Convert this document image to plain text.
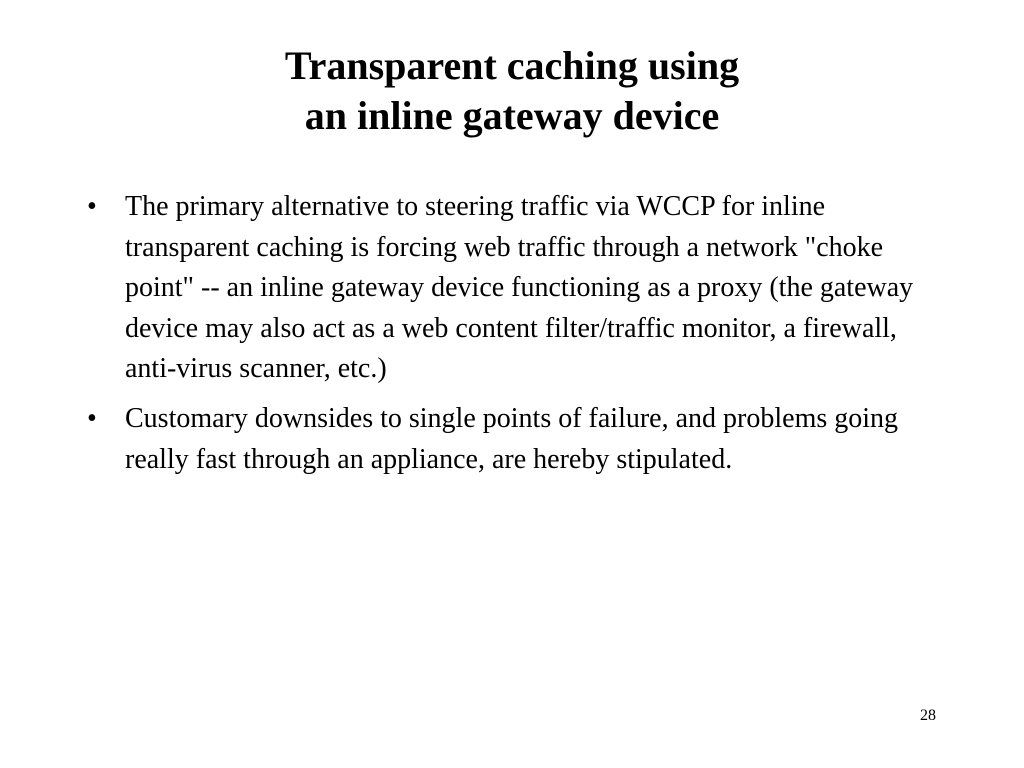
Transparent caching using
an inline gateway device
• The primary alternative to steering traffic via WCCP for inline transparent caching is forcing web traffic through a network "choke point" -- an inline gateway device functioning as a proxy (the gateway device may also act as a web content filter/traffic monitor, a firewall, anti-virus scanner, etc.)
• Customary downsides to single points of failure, and problems going really fast through an appliance, are hereby stipulated.
28
